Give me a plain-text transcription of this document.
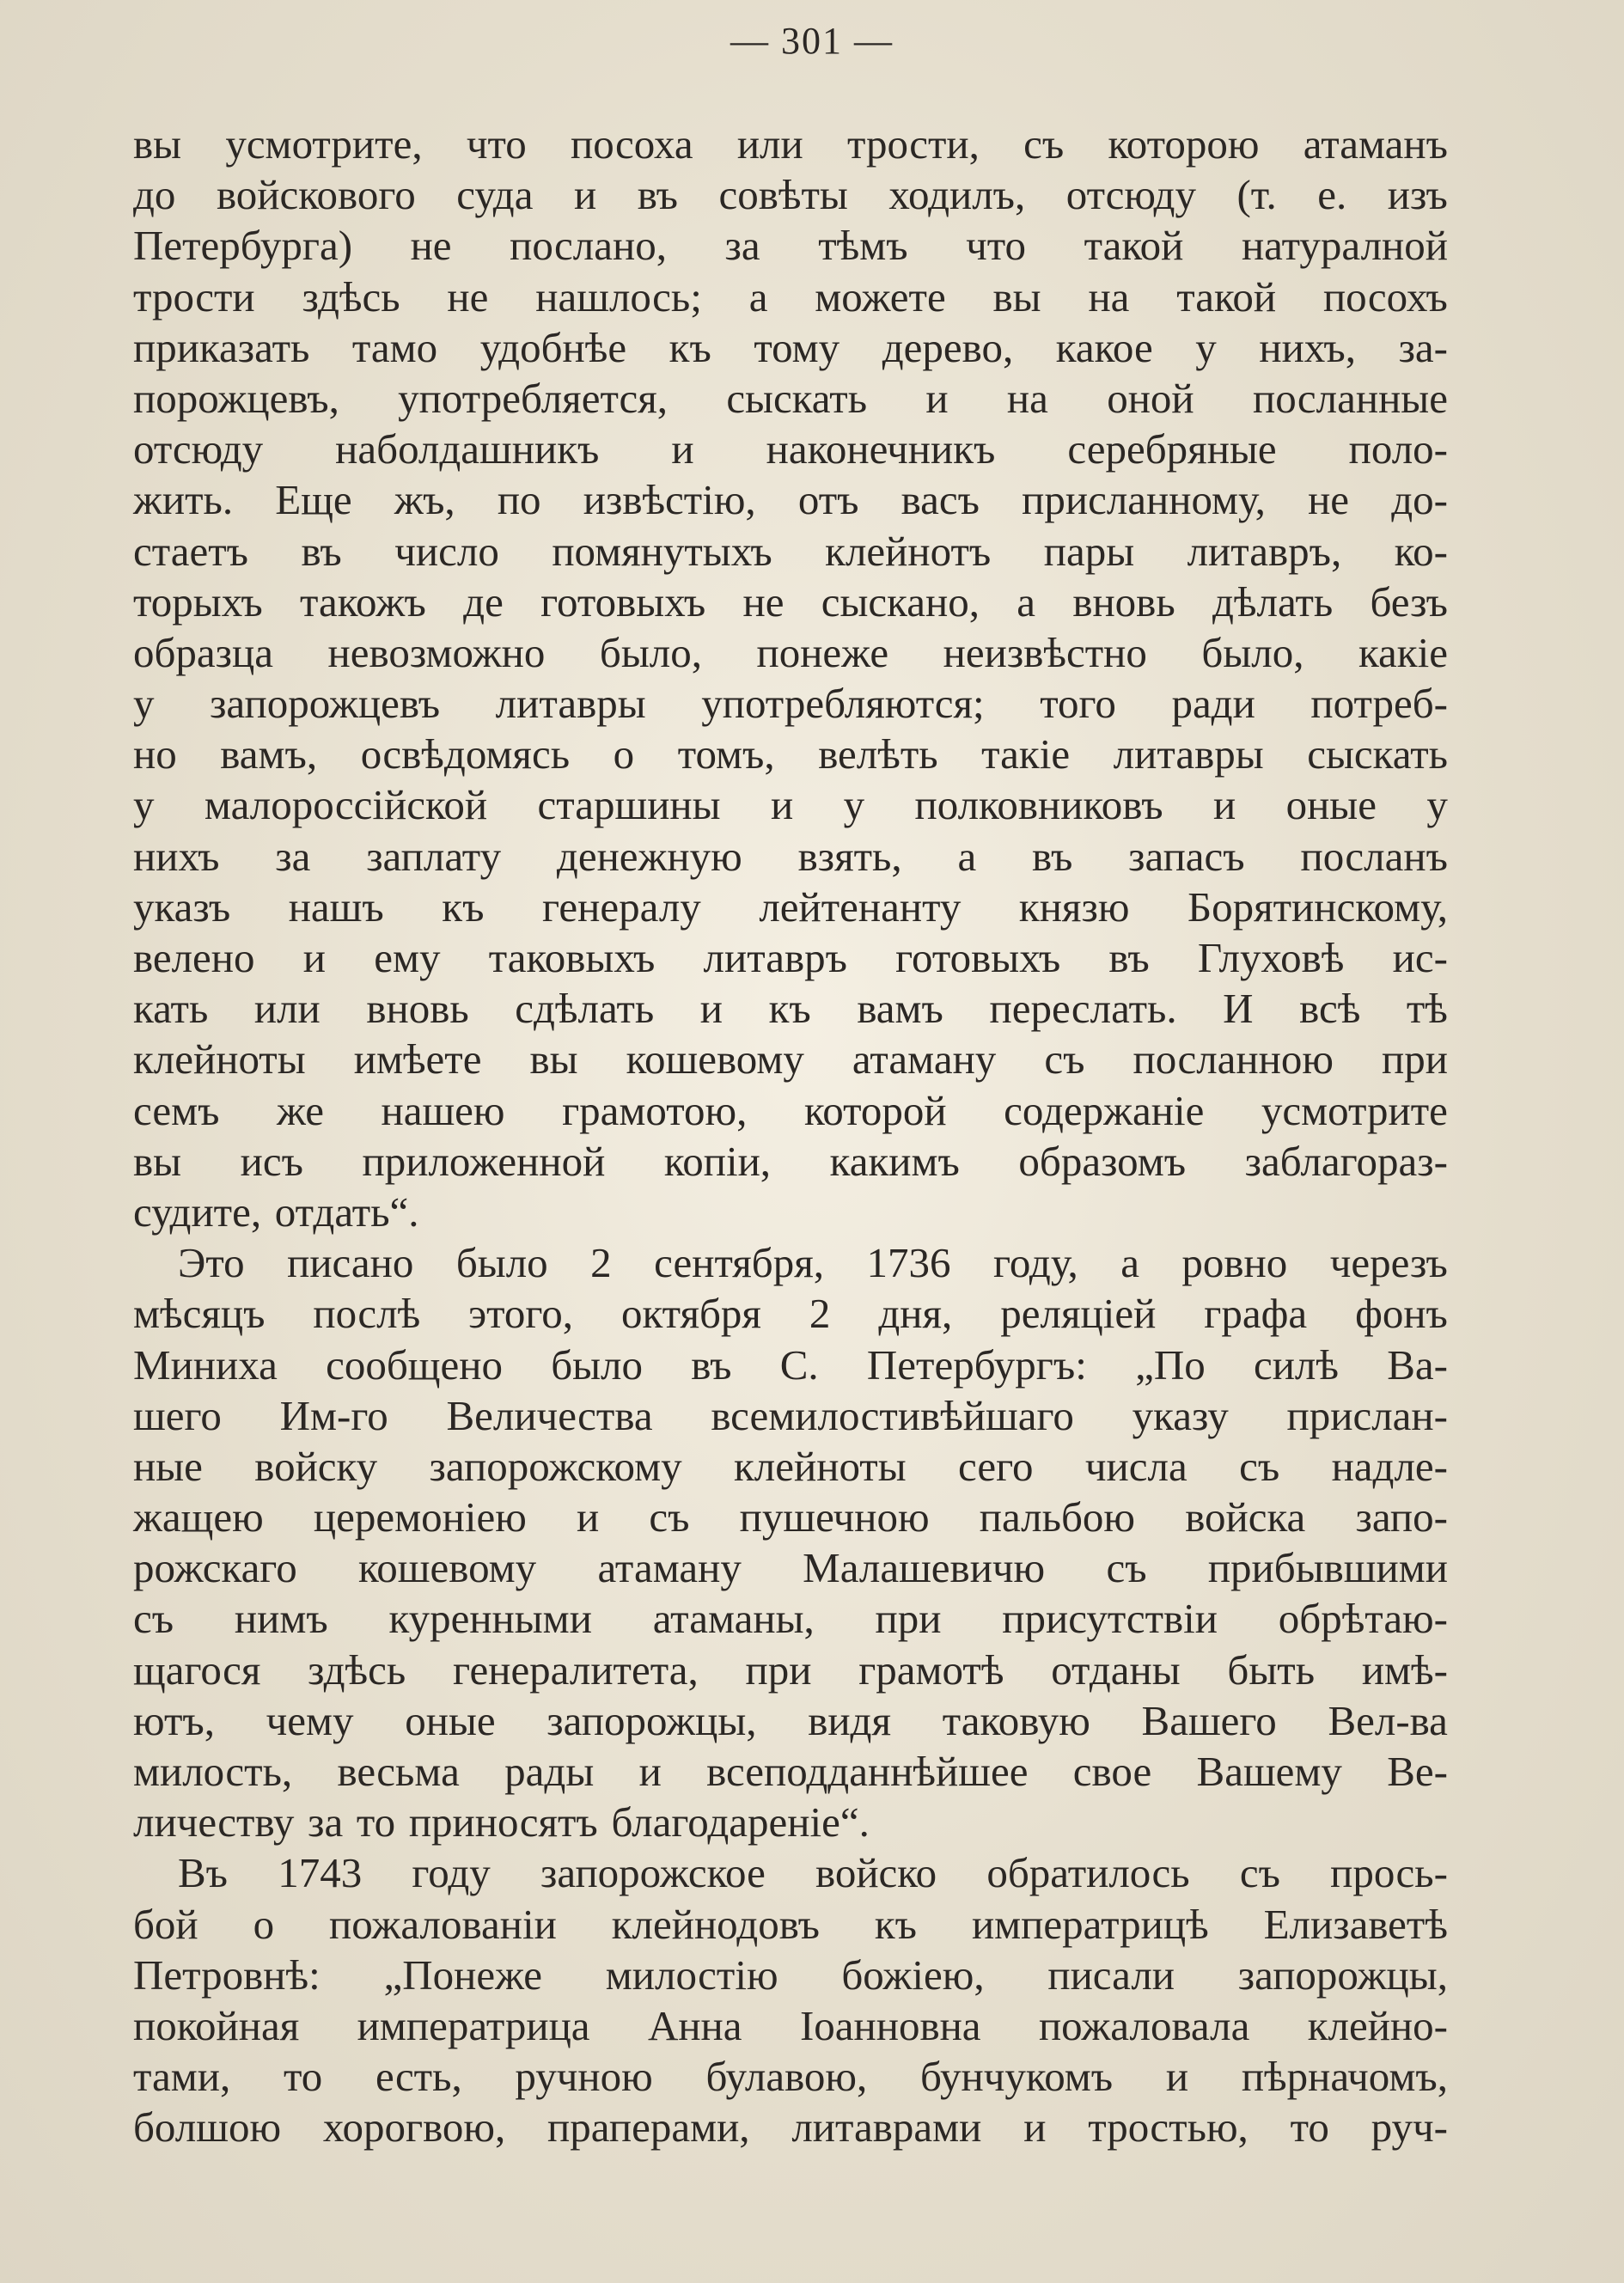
— 301 —
вы усмотрите, что посоха или трости, съ которою атаманъ
до войскового суда и въ совѣты ходилъ, отсюду (т. е. изъ
Петербурга) не послано, за тѣмъ что такой натуралной
трости здѣсь не нашлось; а можете вы на такой посохъ
приказать тамо удобнѣе къ тому дерево, какое у нихъ, за-
порожцевъ, употребляется, сыскать и на оной посланные
отсюду наболдашникъ и наконечникъ серебряные поло-
жить. Еще жъ, по извѣстію, отъ васъ присланному, не до-
стаетъ въ число помянутыхъ клейнотъ пары литавръ, ко-
торыхъ такожъ де готовыхъ не сыскано, а вновь дѣлать безъ
образца невозможно было, понеже неизвѣстно было, какіе
у запорожцевъ литавры употребляются; того ради потреб-
но вамъ, освѣдомясь о томъ, велѣть такіе литавры сыскать
у малороссійской старшины и у полковниковъ и оные у
нихъ за заплату денежную взять, а въ запасъ посланъ
указъ нашъ къ генералу лейтенанту князю Борятинскому,
велено и ему таковыхъ литавръ готовыхъ въ Глуховѣ ис-
кать или вновь сдѣлать и къ вамъ переслать. И всѣ тѣ
клейноты имѣете вы кошевому атаману съ посланною при
семъ же нашею грамотою, которой содержаніе усмотрите
вы исъ приложенной копіи, какимъ образомъ заблагораз-
судите, отдать“.
Это писано было 2 сентября, 1736 году, а ровно черезъ
мѣсяцъ послѣ этого, октября 2 дня, реляціей графа фонъ
Миниха сообщено было въ С. Петербургъ: „По силѣ Ва-
шего Им-го Величества всемилостивѣйшаго указу прислан-
ные войску запорожскому клейноты сего числа съ надле-
жащею церемоніею и съ пушечною пальбою войска запо-
рожскаго кошевому атаману Малашевичю съ прибывшими
съ нимъ куренными атаманы, при присутствіи обрѣтаю-
щагося здѣсь генералитета, при грамотѣ отданы быть имѣ-
ютъ, чему оные запорожцы, видя таковую Вашего Вел-ва
милость, весьма рады и всеподданнѣйшее свое Вашему Ве-
личеству за то приносятъ благодареніе“.
Въ 1743 году запорожское войско обратилось съ прось-
бой о пожалованіи клейнодовъ къ императрицѣ Елизаветѣ
Петровнѣ: „Понеже милостію божіею, писали запорожцы,
покойная императрица Анна Іоанновна пожаловала клейно-
тами, то есть, ручною булавою, бунчукомъ и пѣрначомъ,
болшою хорогвою, праперами, литаврами и тростью, то руч-
